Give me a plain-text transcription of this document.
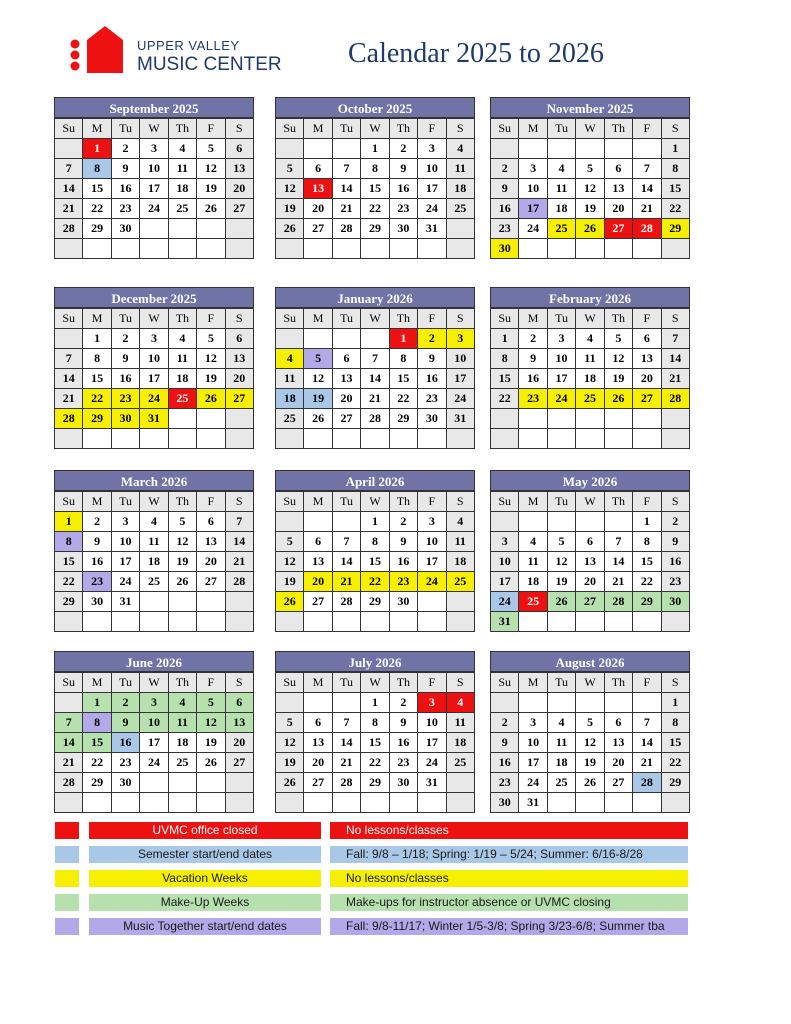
UPPER VALLEY
MUSIC CENTER Calendar 2025 to 2026
September 2025
Su	M	Tu	W	Th	F	S
	1	2	3	4	5	6
7	8	9	10	11	12	13
14	15	16	17	18	19	20
21	22	23	24	25	26	27
28	29	30				

October 2025
Su	M	Tu	W	Th	F	S
			1	2	3	4
5	6	7	8	9	10	11
12	13	14	15	16	17	18
19	20	21	22	23	24	25
26	27	28	29	30	31	

November 2025
Su	M	Tu	W	Th	F	S
						1
2	3	4	5	6	7	8
9	10	11	12	13	14	15
16	17	18	19	20	21	22
23	24	25	26	27	28	29
30						
December 2025
Su	M	Tu	W	Th	F	S
	1	2	3	4	5	6
7	8	9	10	11	12	13
14	15	16	17	18	19	20
21	22	23	24	25	26	27
28	29	30	31			

January 2026
Su	M	Tu	W	Th	F	S
				1	2	3
4	5	6	7	8	9	10
11	12	13	14	15	16	17
18	19	20	21	22	23	24
25	26	27	28	29	30	31

February 2026
Su	M	Tu	W	Th	F	S
1	2	3	4	5	6	7
8	9	10	11	12	13	14
15	16	17	18	19	20	21
22	23	24	25	26	27	28

March 2026
Su	M	Tu	W	Th	F	S
1	2	3	4	5	6	7
8	9	10	11	12	13	14
15	16	17	18	19	20	21
22	23	24	25	26	27	28
29	30	31				

April 2026
Su	M	Tu	W	Th	F	S
			1	2	3	4
5	6	7	8	9	10	11
12	13	14	15	16	17	18
19	20	21	22	23	24	25
26	27	28	29	30		

May 2026
Su	M	Tu	W	Th	F	S
					1	2
3	4	5	6	7	8	9
10	11	12	13	14	15	16
17	18	19	20	21	22	23
24	25	26	27	28	29	30
31						
June 2026
Su	M	Tu	W	Th	F	S
	1	2	3	4	5	6
7	8	9	10	11	12	13
14	15	16	17	18	19	20
21	22	23	24	25	26	27
28	29	30				

July 2026
Su	M	Tu	W	Th	F	S
			1	2	3	4
5	6	7	8	9	10	11
12	13	14	15	16	17	18
19	20	21	22	23	24	25
26	27	28	29	30	31	

August 2026
Su	M	Tu	W	Th	F	S
						1
2	3	4	5	6	7	8
9	10	11	12	13	14	15
16	17	18	19	20	21	22
23	24	25	26	27	28	29
30	31					
UVMC office closed	No lessons/classes
Semester start/end dates	Fall: 9/8 – 1/18; Spring: 1/19 – 5/24; Summer: 6/16-8/28
Vacation Weeks	No lessons/classes
Make-Up Weeks	Make-ups for instructor absence or UVMC closing
Music Together start/end dates	Fall: 9/8-11/17; Winter 1/5-3/8; Spring 3/23-6/8; Summer tba
